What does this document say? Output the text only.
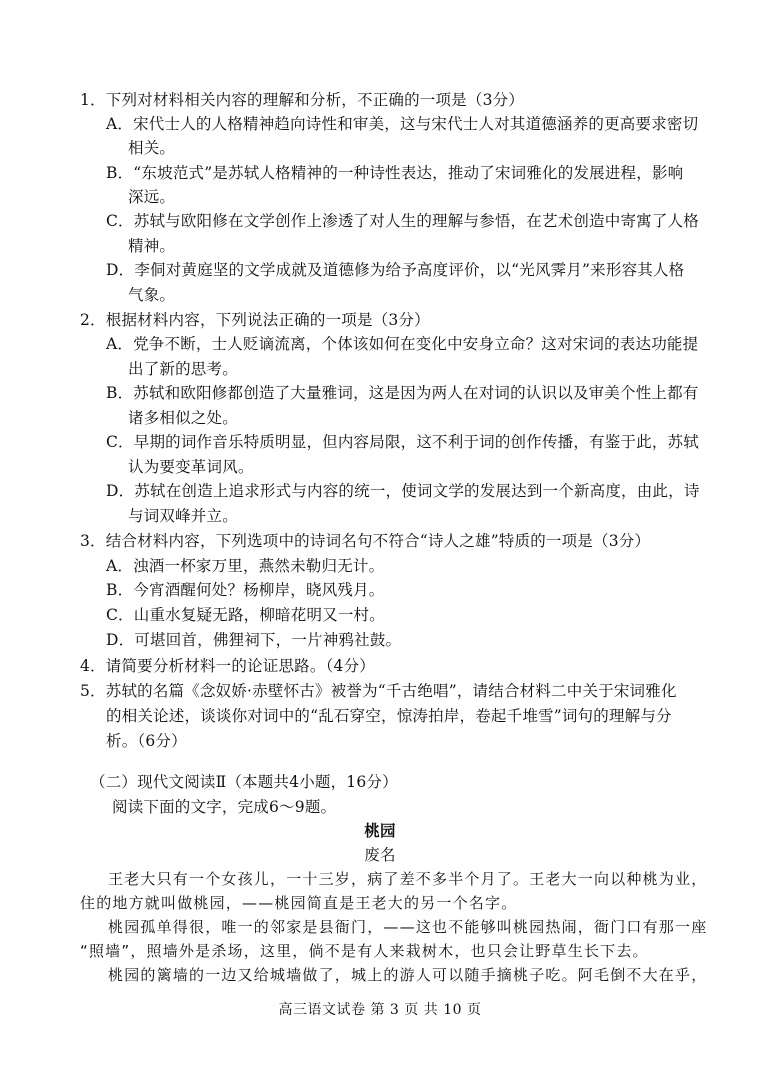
1．下列对材料相关内容的理解和分析，不正确的一项是（3分）
A．宋代士人的人格精神趋向诗性和审美，这与宋代士人对其道德涵养的更高要求密切
相关。
B．“东坡范式”是苏轼人格精神的一种诗性表达，推动了宋词雅化的发展进程，影响
深远。
C．苏轼与欧阳修在文学创作上渗透了对人生的理解与参悟，在艺术创造中寄寓了人格
精神。
D．李侗对黄庭坚的文学成就及道德修为给予高度评价，以“光风霁月”来形容其人格
气象。
2．根据材料内容，下列说法正确的一项是（3分）
A．党争不断，士人贬谪流离，个体该如何在变化中安身立命？这对宋词的表达功能提
出了新的思考。
B．苏轼和欧阳修都创造了大量雅词，这是因为两人在对词的认识以及审美个性上都有
诸多相似之处。
C．早期的词作音乐特质明显，但内容局限，这不利于词的创作传播，有鉴于此，苏轼
认为要变革词风。
D．苏轼在创造上追求形式与内容的统一，使词文学的发展达到一个新高度，由此，诗
与词双峰并立。
3．结合材料内容，下列选项中的诗词名句不符合“诗人之雄”特质的一项是（3分）
A．浊酒一杯家万里，燕然未勒归无计。
B．今宵酒醒何处？杨柳岸，晓风残月。
C．山重水复疑无路，柳暗花明又一村。
D．可堪回首，佛狸祠下，一片神鸦社鼓。
4．请简要分析材料一的论证思路。（4分）
5．苏轼的名篇《念奴娇·赤壁怀古》被誉为“千古绝唱”，请结合材料二中关于宋词雅化
的相关论述，谈谈你对词中的“乱石穿空，惊涛拍岸，卷起千堆雪”词句的理解与分
析。（6分）
（二）现代文阅读Ⅱ（本题共4小题，16分）
阅读下面的文字，完成6～9题。
桃园
废名
王老大只有一个女孩儿，一十三岁，病了差不多半个月了。王老大一向以种桃为业，
住的地方就叫做桃园，——桃园简直是王老大的另一个名字。
桃园孤单得很，唯一的邻家是县衙门，——这也不能够叫桃园热闹，衙门口有那一座
“照墙”，照墙外是杀场，这里，倘不是有人来栽树木，也只会让野草生长下去。
桃园的篱墙的一边又给城墙做了，城上的游人可以随手摘桃子吃。阿毛倒不大在乎，
高三语文试卷 第 3 页 共 10 页
